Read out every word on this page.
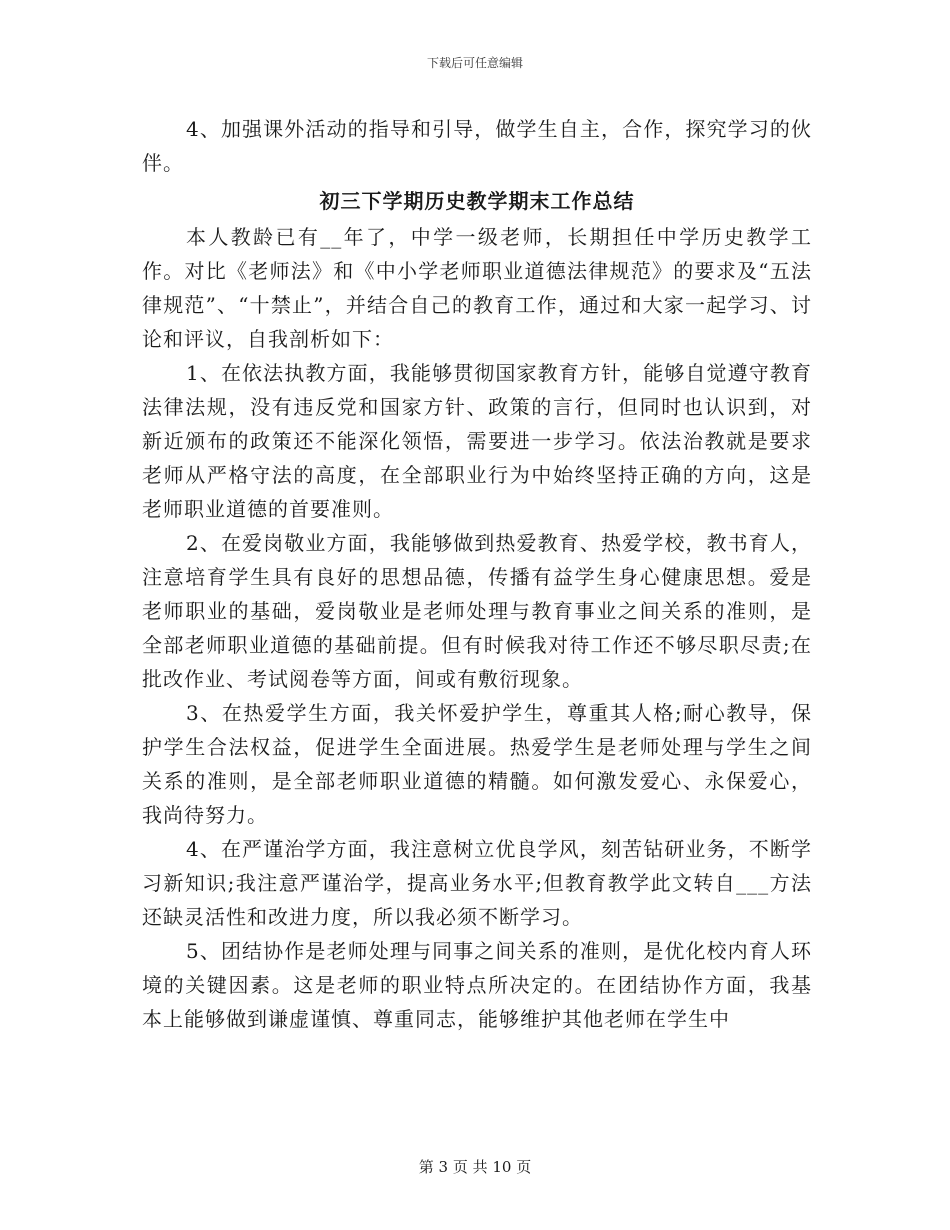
下载后可任意编辑

4、加强课外活动的指导和引导，做学生自主，合作，探究学习的伙伴。

初三下学期历史教学期末工作总结

本人教龄已有__年了，中学一级老师，长期担任中学历史教学工作。对比《老师法》和《中小学老师职业道德法律规范》的要求及“五法律规范”、“十禁止”，并结合自己的教育工作，通过和大家一起学习、讨论和评议，自我剖析如下：

1、在依法执教方面，我能够贯彻国家教育方针，能够自觉遵守教育法律法规，没有违反党和国家方针、政策的言行，但同时也认识到，对新近颁布的政策还不能深化领悟，需要进一步学习。依法治教就是要求老师从严格守法的高度，在全部职业行为中始终坚持正确的方向，这是老师职业道德的首要准则。

2、在爱岗敬业方面，我能够做到热爱教育、热爱学校，教书育人，注意培育学生具有良好的思想品德，传播有益学生身心健康思想。爱是老师职业的基础，爱岗敬业是老师处理与教育事业之间关系的准则，是全部老师职业道德的基础前提。但有时候我对待工作还不够尽职尽责;在批改作业、考试阅卷等方面，间或有敷衍现象。

3、在热爱学生方面，我关怀爱护学生，尊重其人格;耐心教导，保护学生合法权益，促进学生全面进展。热爱学生是老师处理与学生之间关系的准则，是全部老师职业道德的精髓。如何激发爱心、永保爱心，我尚待努力。

4、在严谨治学方面，我注意树立优良学风，刻苦钻研业务，不断学习新知识;我注意严谨治学，提高业务水平;但教育教学此文转自___方法还缺灵活性和改进力度，所以我必须不断学习。

5、团结协作是老师处理与同事之间关系的准则，是优化校内育人环境的关键因素。这是老师的职业特点所决定的。在团结协作方面，我基本上能够做到谦虚谨慎、尊重同志，能够维护其他老师在学生中

第 3 页 共 10 页
